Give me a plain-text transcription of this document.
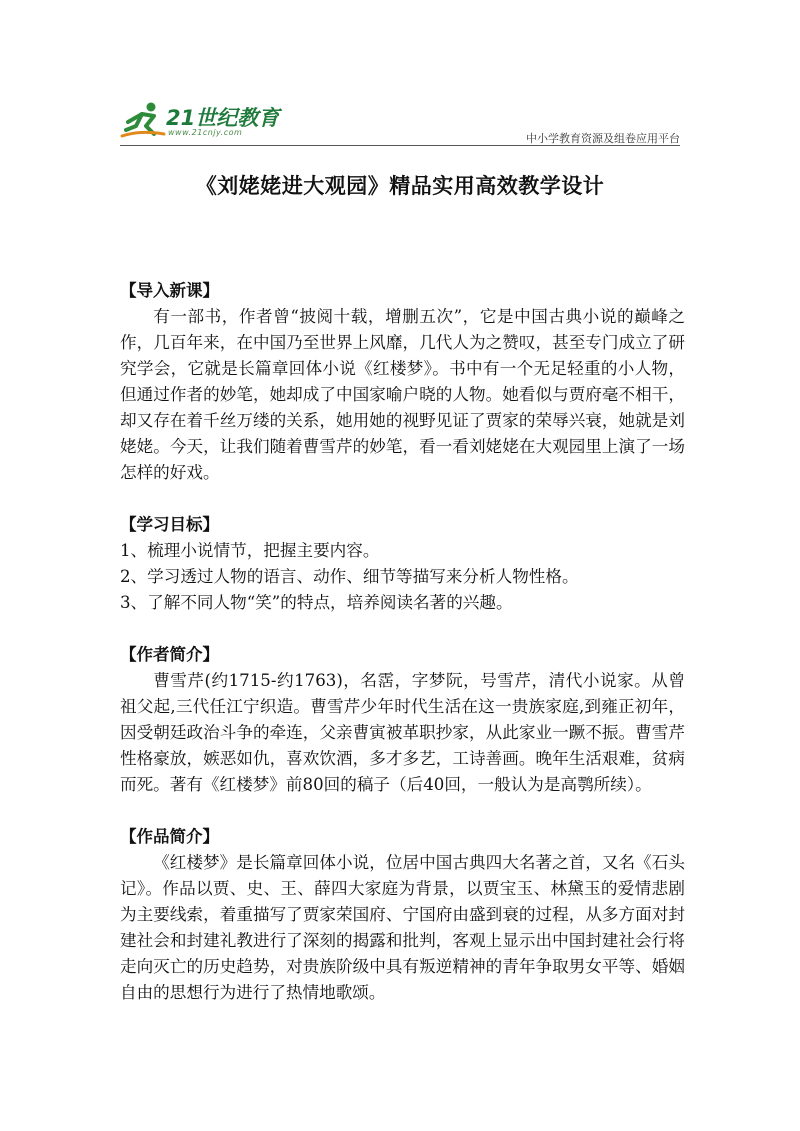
21世纪教育
www.21cnjy.com	中小学教育资源及组卷应用平台
《刘姥姥进大观园》精品实用高效教学设计
【导入新课】

有一部书，作者曾“披阅十载，增删五次”，它是中国古典小说的巅峰之作，几百年来，在中国乃至世界上风靡，几代人为之赞叹，甚至专门成立了研究学会，它就是长篇章回体小说《红楼梦》。书中有一个无足轻重的小人物，但通过作者的妙笔，她却成了中国家喻户晓的人物。她看似与贾府毫不相干，却又存在着千丝万缕的关系，她用她的视野见证了贾家的荣辱兴衰，她就是刘姥姥。今天，让我们随着曹雪芹的妙笔，看一看刘姥姥在大观园里上演了一场怎样的好戏。

【学习目标】

1、梳理小说情节，把握主要内容。

2、学习透过人物的语言、动作、细节等描写来分析人物性格。

3、了解不同人物“笑”的特点，培养阅读名著的兴趣。

【作者简介】

曹雪芹(约1715-约1763)，名霑，字梦阮，号雪芹，清代小说家。从曾祖父起,三代任江宁织造。曹雪芹少年时代生活在这一贵族家庭,到雍正初年，因受朝廷政治斗争的牵连，父亲曹寅被革职抄家，从此家业一蹶不振。曹雪芹性格豪放，嫉恶如仇，喜欢饮酒，多才多艺，工诗善画。晚年生活艰难，贫病而死。著有《红楼梦》前80回的稿子（后40回，一般认为是高鹗所续）。

【作品简介】

《红楼梦》是长篇章回体小说，位居中国古典四大名著之首，又名《石头记》。作品以贾、史、王、薛四大家庭为背景，以贾宝玉、林黛玉的爱情悲剧为主要线索，着重描写了贾家荣国府、宁国府由盛到衰的过程，从多方面对封建社会和封建礼教进行了深刻的揭露和批判，客观上显示出中国封建社会行将走向灭亡的历史趋势，对贵族阶级中具有叛逆精神的青年争取男女平等、婚姻自由的思想行为进行了热情地歌颂。
